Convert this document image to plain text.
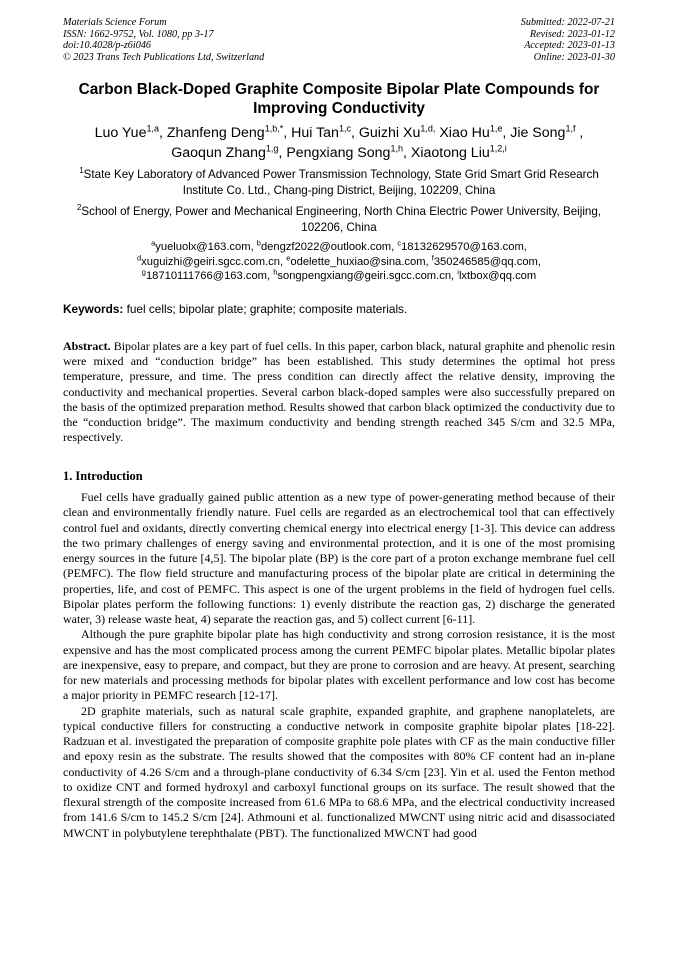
Materials Science Forum
ISSN: 1662-9752, Vol. 1080, pp 3-17
doi:10.4028/p-z6i046
© 2023 Trans Tech Publications Ltd, Switzerland
Submitted: 2022-07-21
Revised: 2023-01-12
Accepted: 2023-01-13
Online: 2023-01-30
Carbon Black-Doped Graphite Composite Bipolar Plate Compounds for Improving Conductivity
Luo Yue$^{1,a}$, Zhanfeng Deng$^{1,b,*}$, Hui Tan$^{1,c}$, Guizhi $Xu^{1,d,}$ Xiao Hu$^{1,e}$, Jie Song$^{1,f}$ ,
Gaoqun Zhang$^{1,g}$, Pengxiang Song$^{1,h}$, Xiaotong Liu$^{1,2,i}$
$^1$State Key Laboratory of Advanced Power Transmission Technology, State Grid Smart Grid Research Institute Co. Ltd., Chang-ping District, Beijing, 102209, China
$^2$School of Energy, Power and Mechanical Engineering, North China Electric Power University, Beijing, 102206, China
$^a$yueluolx@163.com, $^b$dengzf2022@outlook.com, $^c$18132629570@163.com,
$^d$xuguizhi@geiri.sgcc.com.cn, $^e$odelette_huxiao@sina.com, $^f$350246585@qq.com,
$^g$18710111766@163.com, $^h$songpengxiang@geiri.sgcc.com.cn, $^i$lxtbox@qq.com
Keywords: fuel cells; bipolar plate; graphite; composite materials.
Abstract. Bipolar plates are a key part of fuel cells. In this paper, carbon black, natural graphite and phenolic resin were mixed and “conduction bridge” has been established. This study determines the optimal hot press temperature, pressure, and time. The press condition can directly affect the relative density, improving the conductivity and mechanical properties. Several carbon black-doped samples were also successfully prepared on the basis of the optimized preparation method. Results showed that carbon black optimized the conductivity due to the “conduction bridge”. The maximum conductivity and bending strength reached 345 S/cm and 32.5 MPa, respectively.
1. Introduction

Fuel cells have gradually gained public attention as a new type of power-generating method because of their clean and environmentally friendly nature. Fuel cells are regarded as an electrochemical tool that can effectively control fuel and oxidants, directly converting chemical energy into electrical energy [1-3]. This device can address the two primary challenges of energy saving and environmental protection, and it is one of the most promising energy sources in the future [4,5]. The bipolar plate (BP) is the core part of a proton exchange membrane fuel cell (PEMFC). The flow field structure and manufacturing process of the bipolar plate are critical in determining the properties, life, and cost of PEMFC. This aspect is one of the urgent problems in the field of hydrogen fuel cells. Bipolar plates perform the following functions: 1) evenly distribute the reaction gas, 2) discharge the generated water, 3) release waste heat, 4) separate the reaction gas, and 5) collect current [6-11].

Although the pure graphite bipolar plate has high conductivity and strong corrosion resistance, it is the most expensive and has the most complicated process among the current PEMFC bipolar plates. Metallic bipolar plates are inexpensive, easy to prepare, and compact, but they are prone to corrosion and are heavy. At present, searching for new materials and processing methods for bipolar plates with excellent performance and low cost has become a major priority in PEMFC research [12-17].

2D graphite materials, such as natural scale graphite, expanded graphite, and graphene nanoplatelets, are typical conductive fillers for constructing a conductive network in composite graphite bipolar plates [18-22]. Radzuan et al. investigated the preparation of composite graphite pole plates with CF as the main conductive filler and epoxy resin as the substrate. The results showed that the composites with 80% CF content had an in-plane conductivity of 4.26 S/cm and a through-plane conductivity of 6.34 S/cm [23]. Yin et al. used the Fenton method to oxidize CNT and formed hydroxyl and carboxyl functional groups on its surface. The result showed that the flexural strength of the composite increased from 61.6 MPa to 68.6 MPa, and the electrical conductivity increased from 141.6 S/cm to 145.2 S/cm [24]. Athmouni et al. functionalized MWCNT using nitric acid and disassociated MWCNT in polybutylene terephthalate (PBT). The functionalized MWCNT had good
